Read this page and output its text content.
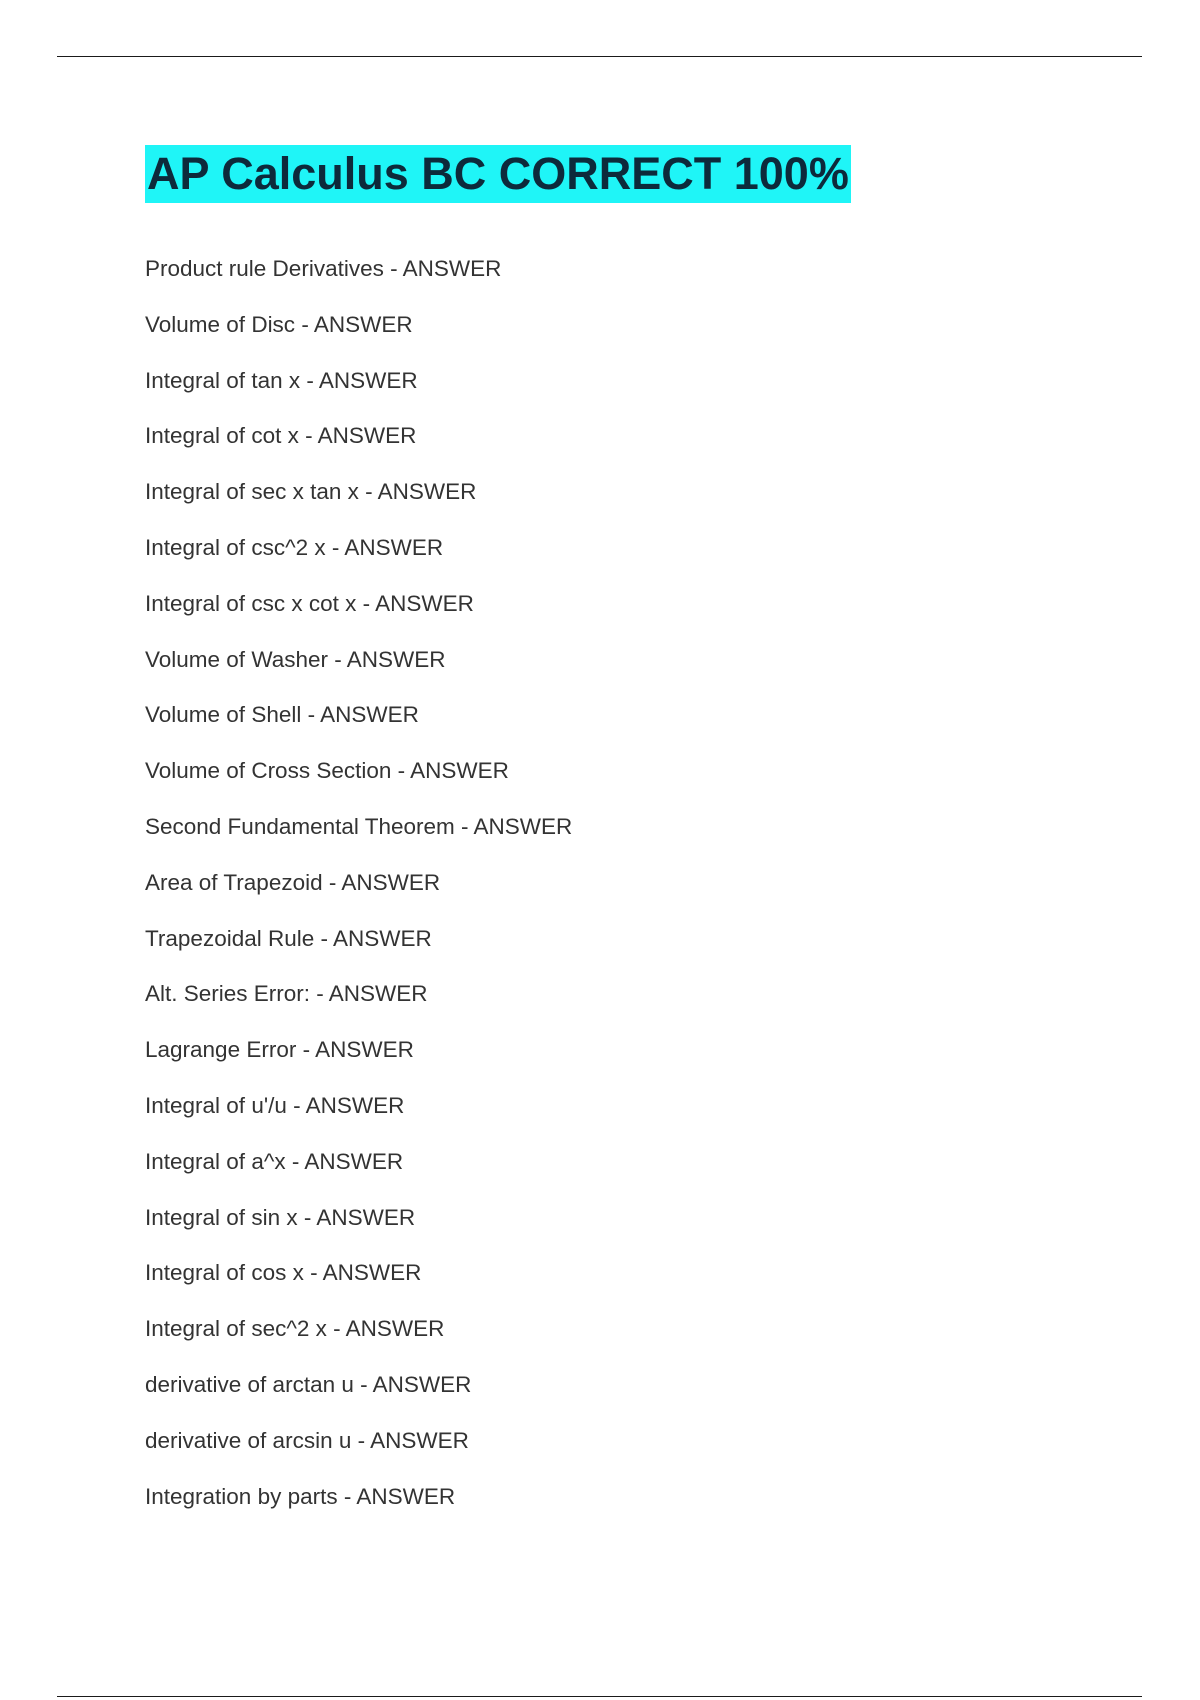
AP Calculus BC CORRECT 100%
Product rule Derivatives - ANSWER
Volume of Disc - ANSWER
Integral of tan x - ANSWER
Integral of cot x - ANSWER
Integral of sec x tan x - ANSWER
Integral of csc^2 x - ANSWER
Integral of csc x cot x - ANSWER
Volume of Washer - ANSWER
Volume of Shell - ANSWER
Volume of Cross Section - ANSWER
Second Fundamental Theorem - ANSWER
Area of Trapezoid - ANSWER
Trapezoidal Rule - ANSWER
Alt. Series Error: - ANSWER
Lagrange Error - ANSWER
Integral of u'/u - ANSWER
Integral of a^x - ANSWER
Integral of sin x - ANSWER
Integral of cos x - ANSWER
Integral of sec^2 x - ANSWER
derivative of arctan u - ANSWER
derivative of arcsin u - ANSWER
Integration by parts - ANSWER
